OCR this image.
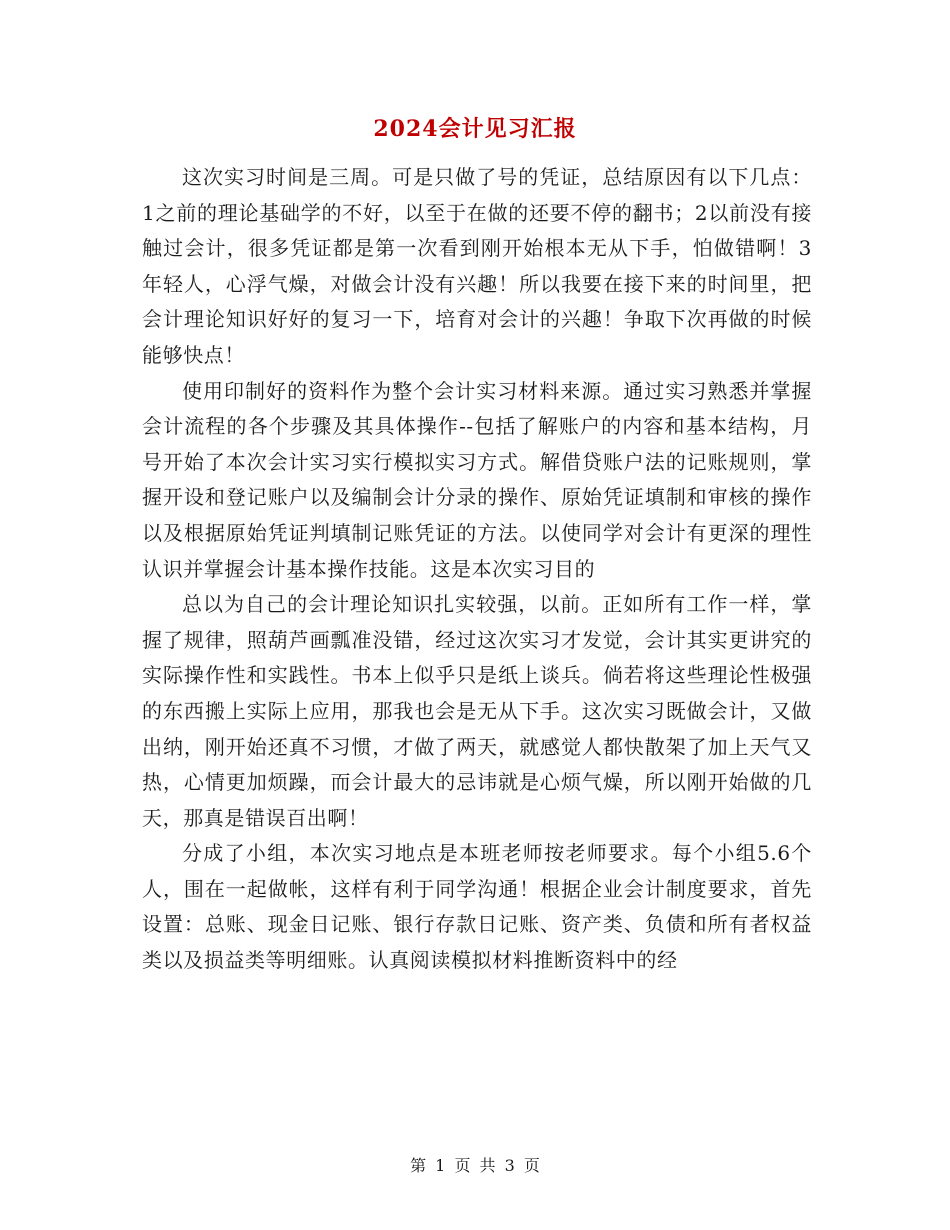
2024会计见习汇报

这次实习时间是三周。可是只做了号的凭证，总结原因有以下几点：1之前的理论基础学的不好，以至于在做的还要不停的翻书；2以前没有接触过会计，很多凭证都是第一次看到刚开始根本无从下手，怕做错啊！3年轻人，心浮气燥，对做会计没有兴趣！所以我要在接下来的时间里，把会计理论知识好好的复习一下，培育对会计的兴趣！争取下次再做的时候能够快点！

使用印制好的资料作为整个会计实习材料来源。通过实习熟悉并掌握会计流程的各个步骤及其具体操作--包括了解账户的内容和基本结构，月号开始了本次会计实习实行模拟实习方式。解借贷账户法的记账规则，掌握开设和登记账户以及编制会计分录的操作、原始凭证填制和审核的操作以及根据原始凭证判填制记账凭证的方法。以使同学对会计有更深的理性认识并掌握会计基本操作技能。这是本次实习目的

总以为自己的会计理论知识扎实较强，以前。正如所有工作一样，掌握了规律，照葫芦画瓢准没错，经过这次实习才发觉，会计其实更讲究的实际操作性和实践性。书本上似乎只是纸上谈兵。倘若将这些理论性极强的东西搬上实际上应用，那我也会是无从下手。这次实习既做会计，又做出纳，刚开始还真不习惯，才做了两天，就感觉人都快散架了加上天气又热，心情更加烦躁，而会计最大的忌讳就是心烦气燥，所以刚开始做的几天，那真是错误百出啊！

分成了小组，本次实习地点是本班老师按老师要求。每个小组5.6个人，围在一起做帐，这样有利于同学沟通！根据企业会计制度要求，首先设置：总账、现金日记账、银行存款日记账、资产类、负债和所有者权益类以及损益类等明细账。认真阅读模拟材料推断资料中的经

第 1 页 共 3 页
